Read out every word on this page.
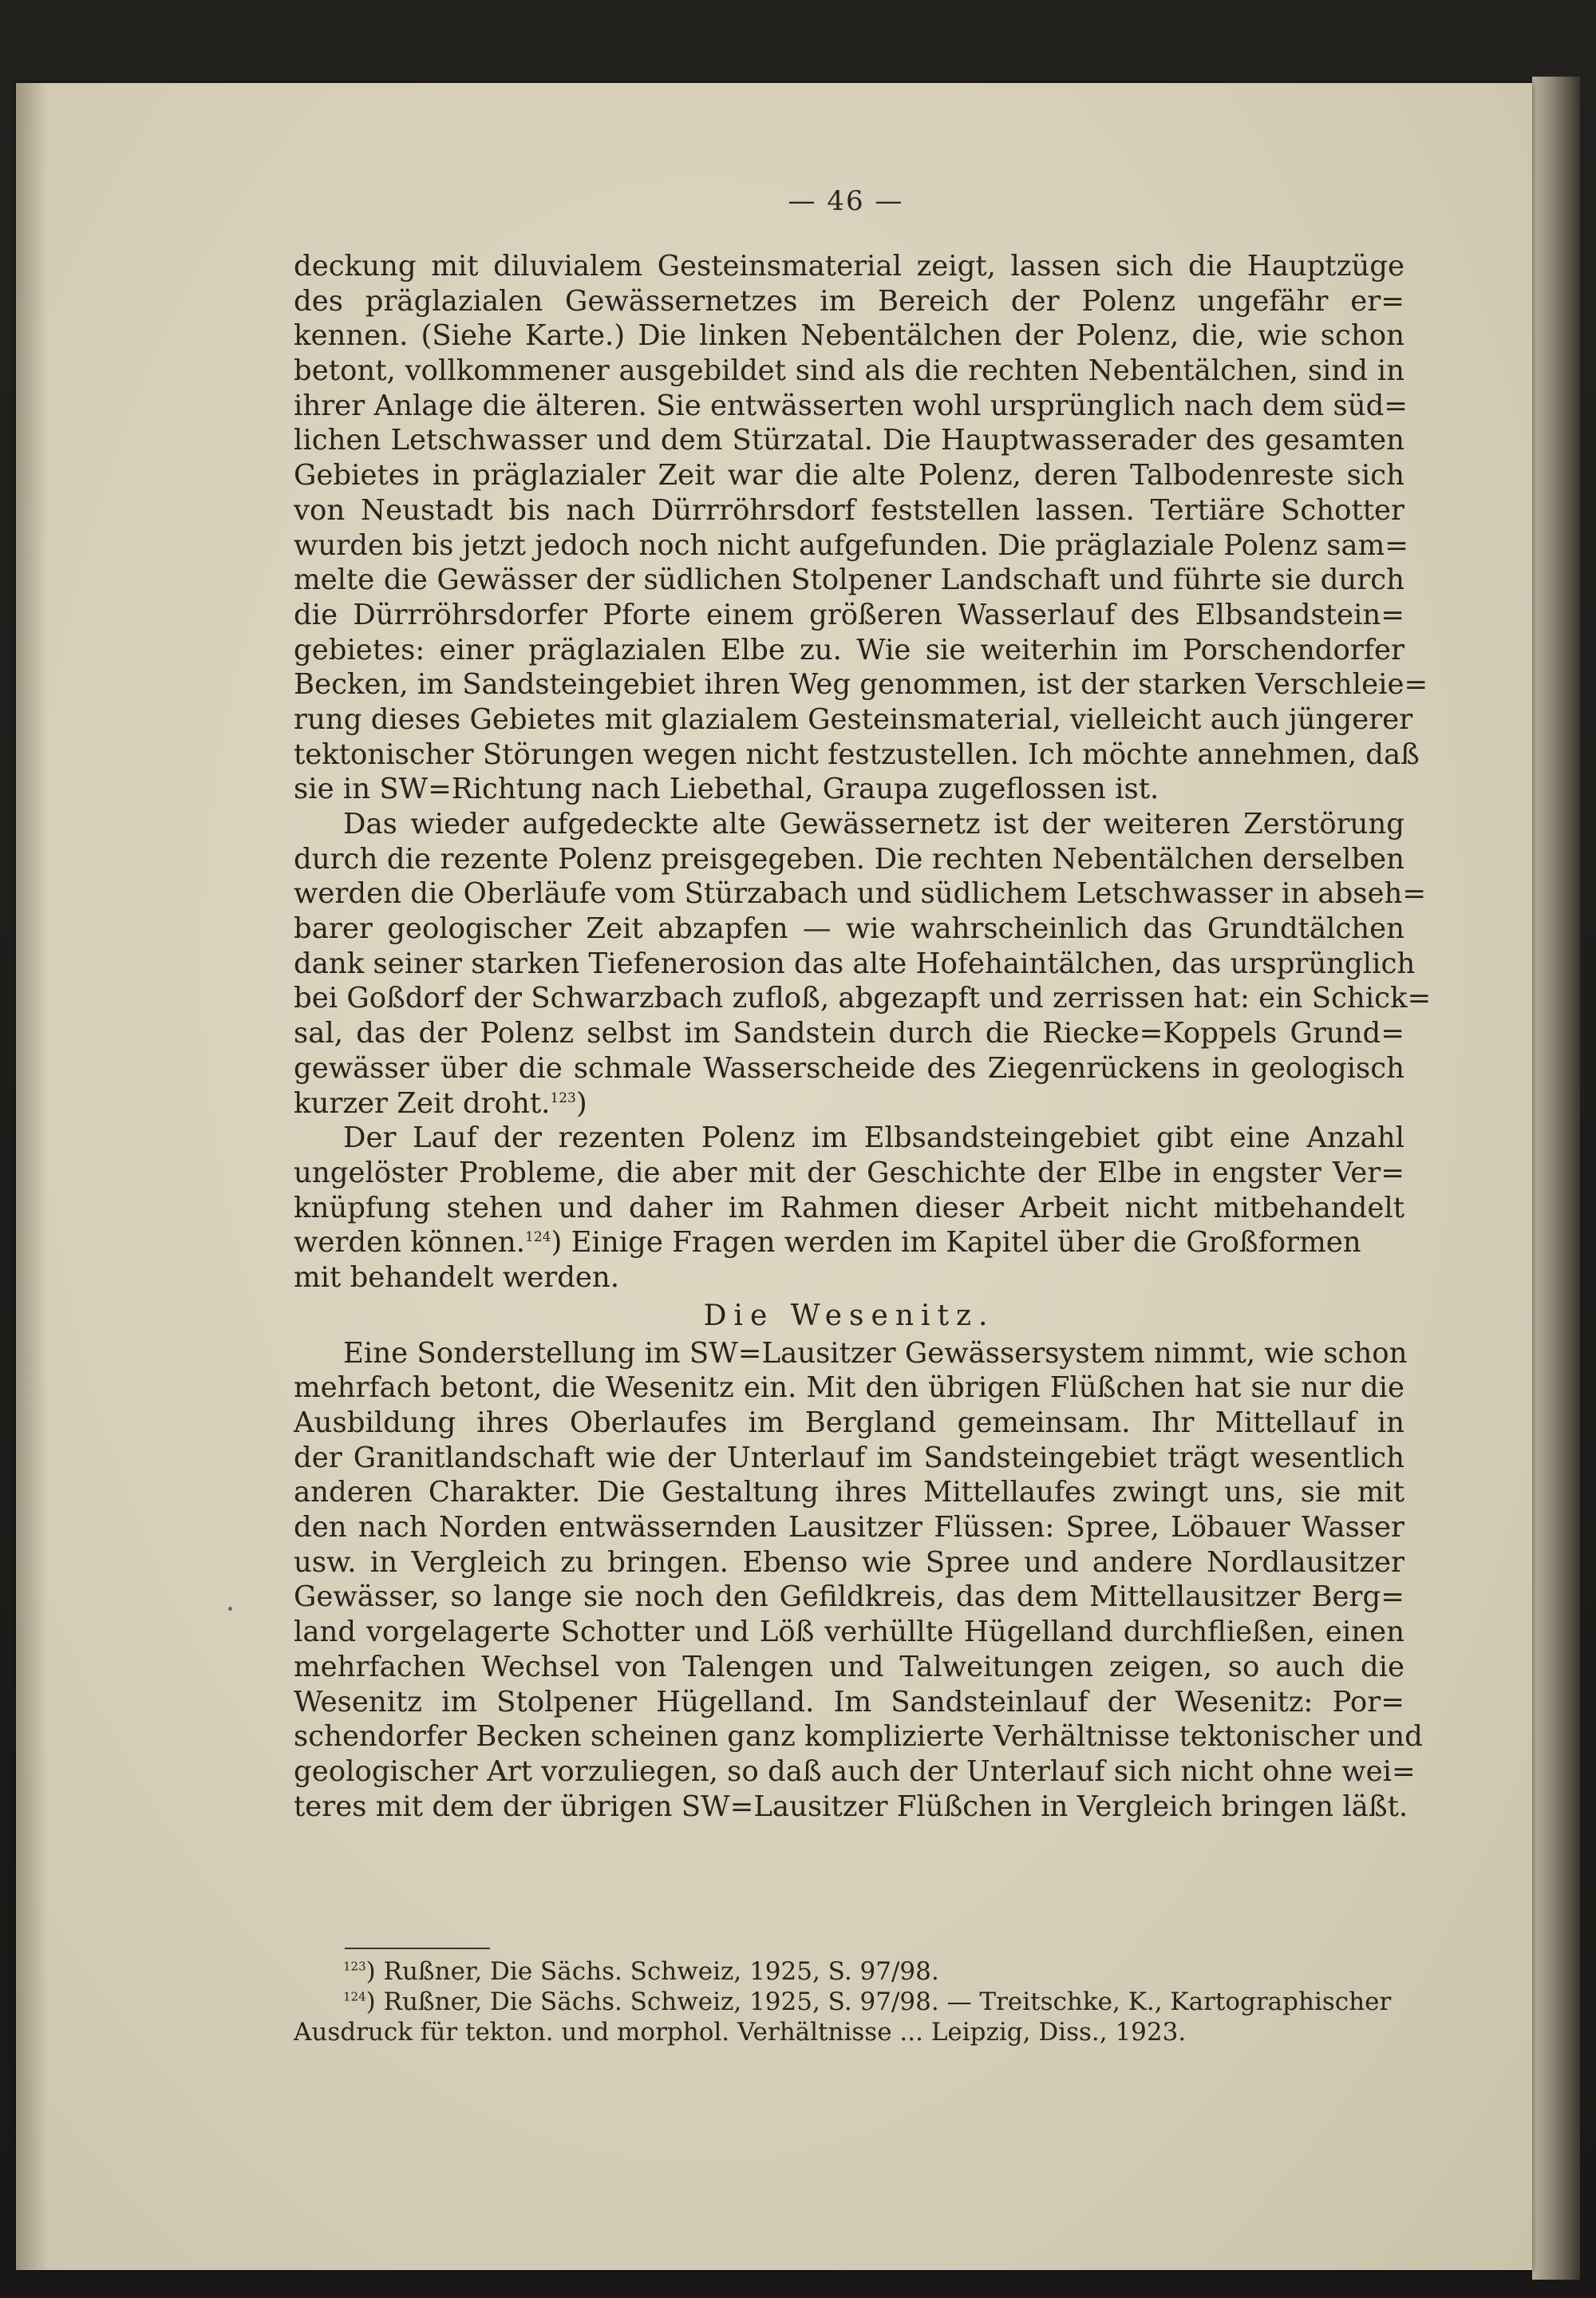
— 46 —
deckung mit diluvialem Gesteinsmaterial zeigt, lassen sich die Hauptzüge
des präglazialen Gewässernetzes im Bereich der Polenz ungefähr er=
kennen. (Siehe Karte.) Die linken Nebentälchen der Polenz, die, wie schon
betont, vollkommener ausgebildet sind als die rechten Nebentälchen, sind in
ihrer Anlage die älteren. Sie entwässerten wohl ursprünglich nach dem süd=
lichen Letschwasser und dem Stürzatal. Die Hauptwasserader des gesamten
Gebietes in präglazialer Zeit war die alte Polenz, deren Talbodenreste sich
von Neustadt bis nach Dürrröhrsdorf feststellen lassen. Tertiäre Schotter
wurden bis jetzt jedoch noch nicht aufgefunden. Die präglaziale Polenz sam=
melte die Gewässer der südlichen Stolpener Landschaft und führte sie durch
die Dürrröhrsdorfer Pforte einem größeren Wasserlauf des Elbsandstein=
gebietes: einer präglazialen Elbe zu. Wie sie weiterhin im Porschendorfer
Becken, im Sandsteingebiet ihren Weg genommen, ist der starken Verschleie=
rung dieses Gebietes mit glazialem Gesteinsmaterial, vielleicht auch jüngerer
tektonischer Störungen wegen nicht festzustellen. Ich möchte annehmen, daß
sie in SW=Richtung nach Liebethal, Graupa zugeflossen ist.
Das wieder aufgedeckte alte Gewässernetz ist der weiteren Zerstörung
durch die rezente Polenz preisgegeben. Die rechten Nebentälchen derselben
werden die Oberläufe vom Stürzabach und südlichem Letschwasser in abseh=
barer geologischer Zeit abzapfen — wie wahrscheinlich das Grundtälchen
dank seiner starken Tiefenerosion das alte Hofehaintälchen, das ursprünglich
bei Goßdorf der Schwarzbach zufloß, abgezapft und zerrissen hat: ein Schick=
sal, das der Polenz selbst im Sandstein durch die Riecke=Koppels Grund=
gewässer über die schmale Wasserscheide des Ziegenrückens in geologisch
kurzer Zeit droht.$^{123}$)
Der Lauf der rezenten Polenz im Elbsandsteingebiet gibt eine Anzahl
ungelöster Probleme, die aber mit der Geschichte der Elbe in engster Ver=
knüpfung stehen und daher im Rahmen dieser Arbeit nicht mitbehandelt
werden können.$^{124}$) Einige Fragen werden im Kapitel über die Großformen
mit behandelt werden.
Die Wesenitz.
Eine Sonderstellung im SW=Lausitzer Gewässersystem nimmt, wie schon
mehrfach betont, die Wesenitz ein. Mit den übrigen Flüßchen hat sie nur die
Ausbildung ihres Oberlaufes im Bergland gemeinsam. Ihr Mittellauf in
der Granitlandschaft wie der Unterlauf im Sandsteingebiet trägt wesentlich
anderen Charakter. Die Gestaltung ihres Mittellaufes zwingt uns, sie mit
den nach Norden entwässernden Lausitzer Flüssen: Spree, Löbauer Wasser
usw. in Vergleich zu bringen. Ebenso wie Spree und andere Nordlausitzer
Gewässer, so lange sie noch den Gefildkreis, das dem Mittellausitzer Berg=
land vorgelagerte Schotter und Löß verhüllte Hügelland durchfließen, einen
mehrfachen Wechsel von Talengen und Talweitungen zeigen, so auch die
Wesenitz im Stolpener Hügelland. Im Sandsteinlauf der Wesenitz: Por=
schendorfer Becken scheinen ganz komplizierte Verhältnisse tektonischer und
geologischer Art vorzuliegen, so daß auch der Unterlauf sich nicht ohne wei=
teres mit dem der übrigen SW=Lausitzer Flüßchen in Vergleich bringen läßt.
$^{123}$) Rußner, Die Sächs. Schweiz, 1925, S. 97/98.
$^{124}$) Rußner, Die Sächs. Schweiz, 1925, S. 97/98. — Treitschke, K., Kartographischer
Ausdruck für tekton. und morphol. Verhältnisse ... Leipzig, Diss., 1923.
